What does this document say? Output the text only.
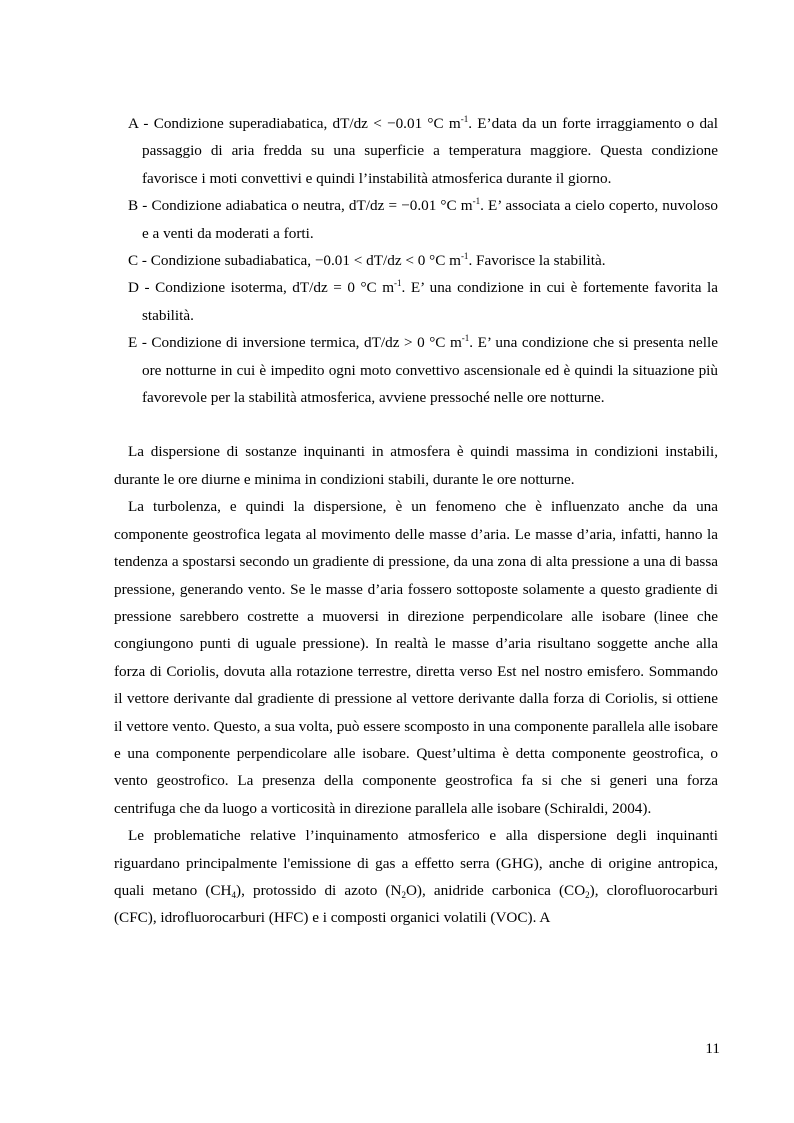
A - Condizione superadiabatica, dT/dz < −0.01 °C $m^{-1}$. E’data da un forte irraggiamento o dal passaggio di aria fredda su una superficie a temperatura maggiore. Questa condizione favorisce i moti convettivi e quindi l’instabilità atmosferica durante il giorno.

B - Condizione adiabatica o neutra, dT/dz = −0.01 °C $m^{-1}$. E’ associata a cielo coperto, nuvoloso e a venti da moderati a forti.

C - Condizione subadiabatica, −0.01 < dT/dz < 0 °C $m^{-1}$. Favorisce la stabilità.

D - Condizione isoterma, dT/dz = 0 °C $m^{-1}$. E’ una condizione in cui è fortemente favorita la stabilità.

E - Condizione di inversione termica, dT/dz > 0 °C $m^{-1}$. E’ una condizione che si presenta nelle ore notturne in cui è impedito ogni moto convettivo ascensionale ed è quindi la situazione più favorevole per la stabilità atmosferica, avviene pressoché nelle ore notturne.

La dispersione di sostanze inquinanti in atmosfera è quindi massima in condizioni instabili, durante le ore diurne e minima in condizioni stabili, durante le ore notturne.

La turbolenza, e quindi la dispersione, è un fenomeno che è influenzato anche da una componente geostrofica legata al movimento delle masse d’aria. Le masse d’aria, infatti, hanno la tendenza a spostarsi secondo un gradiente di pressione, da una zona di alta pressione a una di bassa pressione, generando vento. Se le masse d’aria fossero sottoposte solamente a questo gradiente di pressione sarebbero costrette a muoversi in direzione perpendicolare alle isobare (linee che congiungono punti di uguale pressione). In realtà le masse d’aria risultano soggette anche alla forza di Coriolis, dovuta alla rotazione terrestre, diretta verso Est nel nostro emisfero. Sommando il vettore derivante dal gradiente di pressione al vettore derivante dalla forza di Coriolis, si ottiene il vettore vento. Questo, a sua volta, può essere scomposto in una componente parallela alle isobare e una componente perpendicolare alle isobare. Quest’ultima è detta componente geostrofica, o vento geostrofico. La presenza della componente geostrofica fa si che si generi una forza centrifuga che da luogo a vorticosità in direzione parallela alle isobare (Schiraldi, 2004).

Le problematiche relative l’inquinamento atmosferico e alla dispersione degli inquinanti riguardano principalmente l'emissione di gas a effetto serra (GHG), anche di origine antropica, quali metano $(CH_4)$, protossido di azoto $(N_2O)$, anidride carbonica $(CO_2)$, clorofluorocarburi (CFC), idrofluorocarburi (HFC) e i composti organici volatili (VOC). A

11
